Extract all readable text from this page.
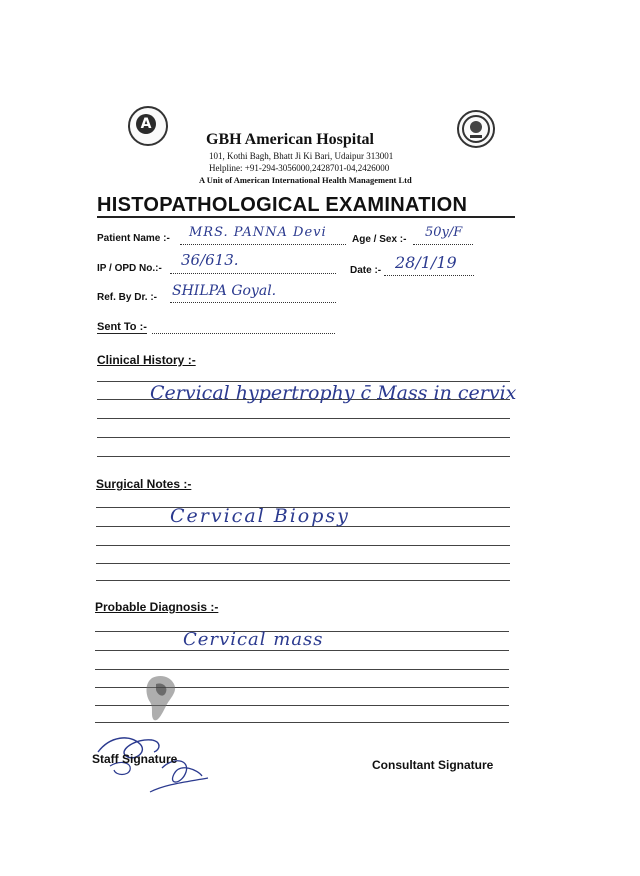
A
GBH American Hospital
101, Kothi Bagh, Bhatt Ji Ki Bari, Udaipur 313001
Helpline: +91-294-3056000,2428701-04,2426000
A Unit of American International Health Management Ltd
HISTOPATHOLOGICAL EXAMINATION
Patient Name :- MRS. PANNA Devi	Age / Sex :- 50y/F
IP / OPD No.:- 36/613.
Date :- 28/1/19
Ref. By Dr. :- SHILPA Goyal.
Sent To :-
Clinical History :-
Cervical hypertrophy c̄ Mass in cervix
Surgical Notes :-
Cervical Biopsy
Probable Diagnosis :-
Cervical mass
Staff Signature	Consultant Signature
